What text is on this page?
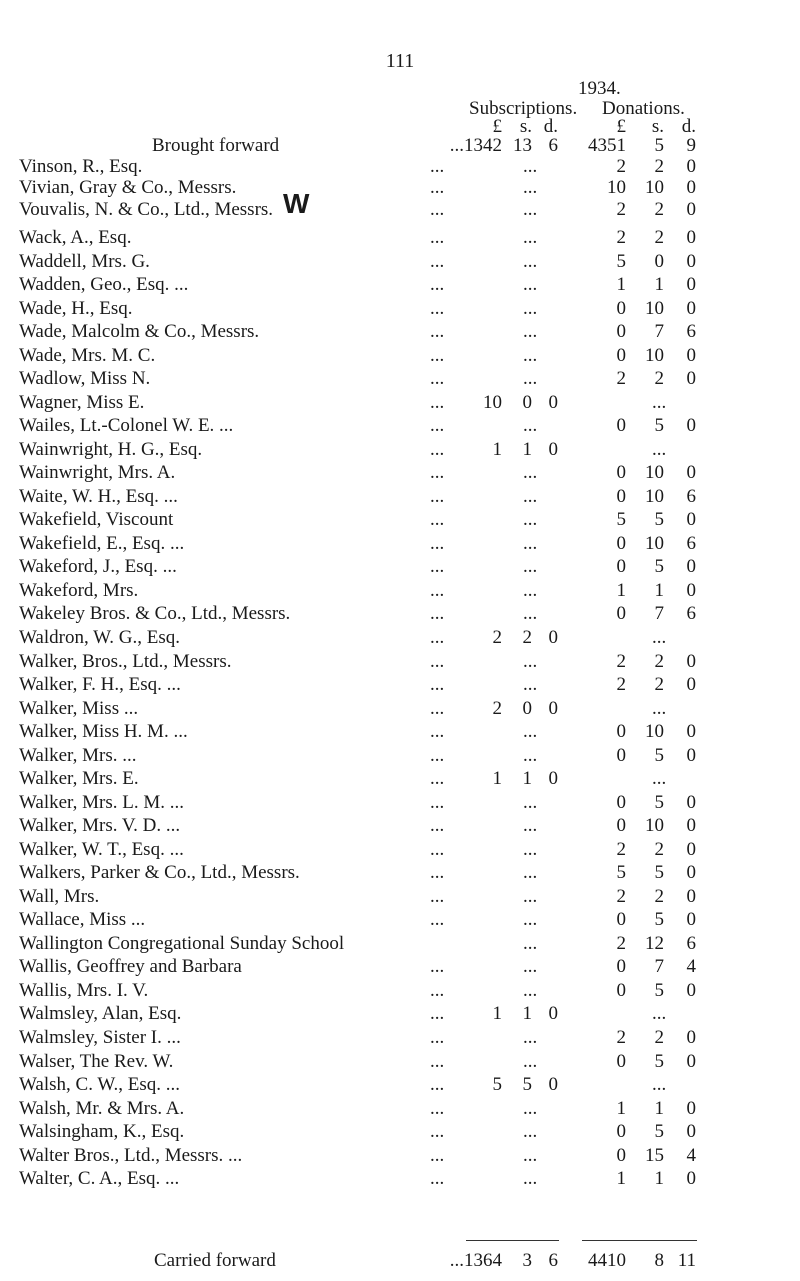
111
1934.
Subscriptions. Donations.
£ s. d.	£	s. d.
Brought forward	...1342 13 6	4351	5	9
Vinson, R., Esq.	...	...	2	2	0
Vivian, Gray & Co., Messrs.	...	...	10	10	0
Vouvalis, N. & Co., Ltd., Messrs.	...	...	2	2	0
W
Wack, A., Esq.	...	...	2	2	0
Waddell, Mrs. G.	...	...	5	0	0
Wadden, Geo., Esq. ...	...	...	1	1	0
Wade, H., Esq.	...	...	0	10	0
Wade, Malcolm & Co., Messrs.	...	...	0	7	6
Wade, Mrs. M. C.	...	...	0	10	0
Wadlow, Miss N.	...	...	2	2	0
Wagner, Miss E.	...	10	0 0	...
Wailes, Lt.-Colonel W. E. ...	...	...	0	5	0
Wainwright, H. G., Esq.	...	1	1 0	...
Wainwright, Mrs. A.	...	...	0	10	0
Waite, W. H., Esq. ...	...	...	0	10	6
Wakefield, Viscount	...	...	5	5	0
Wakefield, E., Esq. ...	...	...	0	10	6
Wakeford, J., Esq. ...	...	...	0	5	0
Wakeford, Mrs.	...	...	1	1	0
Wakeley Bros. & Co., Ltd., Messrs.	...	...	0	7	6
Waldron, W. G., Esq.	...	2	2 0	...
Walker, Bros., Ltd., Messrs.	...	...	2	2	0
Walker, F. H., Esq. ...	...	...	2	2	0
Walker, Miss ...	...	2	0 0	...
Walker, Miss H. M. ...	...	...	0	10	0
Walker, Mrs. ...	...	...	0	5	0
Walker, Mrs. E.	...	1	1 0	...
Walker, Mrs. L. M. ...	...	...	0	5	0
Walker, Mrs. V. D. ...	...	...	0	10	0
Walker, W. T., Esq. ...	...	...	2	2	0
Walkers, Parker & Co., Ltd., Messrs.	...	...	5	5	0
Wall, Mrs.	...	...	2	2	0
Wallace, Miss ...	...	...	0	5	0
Wallington Congregational Sunday School	...	2	12	6
Wallis, Geoffrey and Barbara	...	...	0	7	4
Wallis, Mrs. I. V.	...	...	0	5	0
Walmsley, Alan, Esq.	...	1	1 0	...
Walmsley, Sister I. ...	...	...	2	2	0
Walser, The Rev. W.	...	...	0	5	0
Walsh, C. W., Esq. ...	...	5	5 0	...
Walsh, Mr. & Mrs. A.	...	...	1	1	0
Walsingham, K., Esq.	...	...	0	5	0
Walter Bros., Ltd., Messrs. ...	...	...	0	15	4
Walter, C. A., Esq. ...	...	...	1	1	0
Carried forward	...1364	3 6	4410	8 11
